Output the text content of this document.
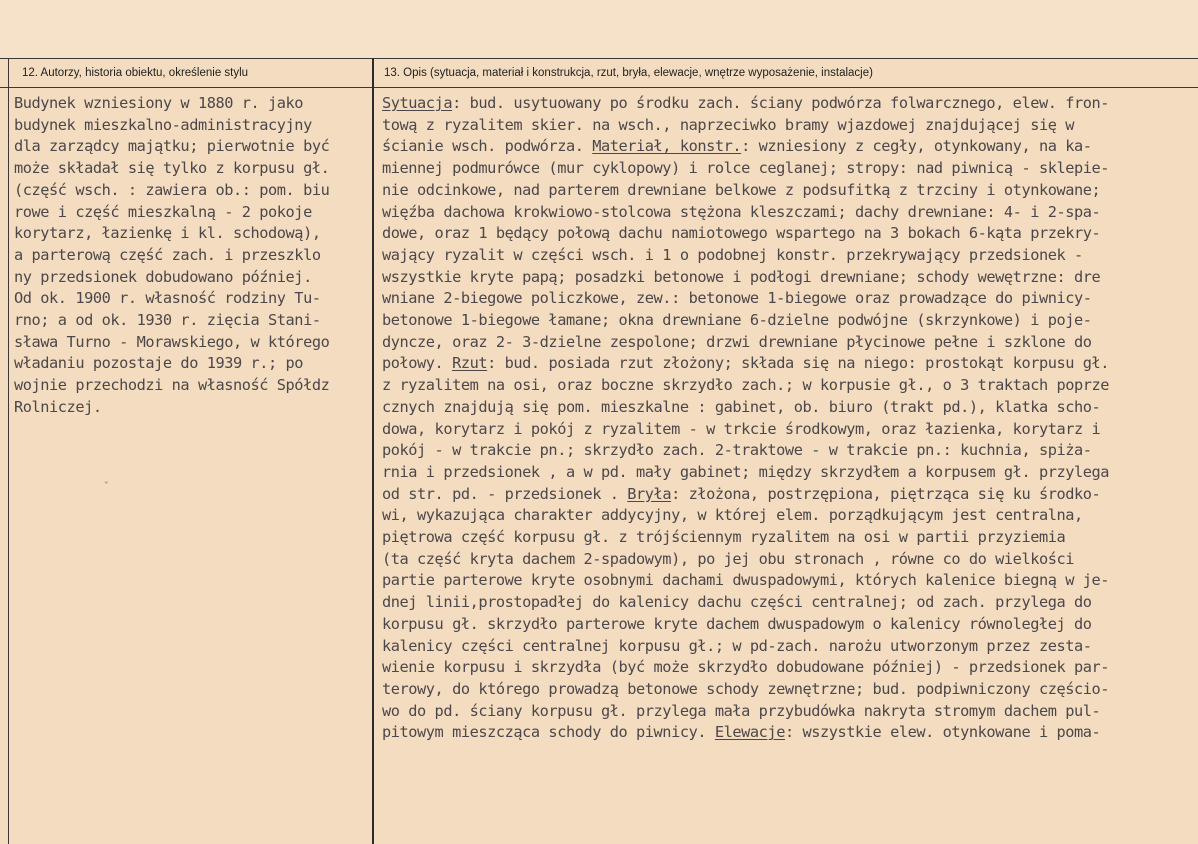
12. Autorzy, historia obiektu, określenie stylu	13. Opis (sytuacja, materiał i konstrukcja, rzut, bryła, elewacje, wnętrze wyposażenie, instalacje)
Budynek wzniesiony w 1880 r. jako
budynek mieszkalno-administracyjny
dla zarządcy majątku; pierwotnie być
może składał się tylko z korpusu gł.
(część wsch. : zawiera ob.: pom. biu
rowe i część mieszkalną - 2 pokoje
korytarz, łazienkę i kl. schodową),
a parterową część zach. i przeszklo
ny przedsionek dobudowano później.
Od ok. 1900 r. własność rodziny Tu-
rno; a od ok. 1930 r. zięcia Stani-
sława Turno - Morawskiego, w którego
władaniu pozostaje do 1939 r.; po
wojnie przechodzi na własność Spółdz
Rolniczej.

Sytuacja: bud. usytuowany po środku zach. ściany podwórza folwarcznego, elew. fron-
tową z ryzalitem skier. na wsch., naprzeciwko bramy wjazdowej znajdującej się w
ścianie wsch. podwórza. Materiał, konstr.: wzniesiony z cegły, otynkowany, na ka-
miennej podmurówce (mur cyklopowy) i rolce ceglanej; stropy: nad piwnicą - sklepie-
nie odcinkowe, nad parterem drewniane belkowe z podsufitką z trzciny i otynkowane;
więźba dachowa krokwiowo-stolcowa stężona kleszczami; dachy drewniane: 4- i 2-spa-
dowe, oraz 1 będący połową dachu namiotowego wspartego na 3 bokach 6-kąta przekry-
wający ryzalit w części wsch. i 1 o podobnej konstr. przekrywający przedsionek -
wszystkie kryte papą; posadzki betonowe i podłogi drewniane; schody wewętrzne: dre
wniane 2-biegowe policzkowe, zew.: betonowe 1-biegowe oraz prowadzące do piwnicy-
betonowe 1-biegowe łamane; okna drewniane 6-dzielne podwójne (skrzynkowe) i poje-
dyncze, oraz 2- 3-dzielne zespolone; drzwi drewniane płycinowe pełne i szklone do
połowy. Rzut: bud. posiada rzut złożony; składa się na niego: prostokąt korpusu gł.
z ryzalitem na osi, oraz boczne skrzydło zach.; w korpusie gł., o 3 traktach poprze
cznych znajdują się pom. mieszkalne : gabinet, ob. biuro (trakt pd.), klatka scho-
dowa, korytarz i pokój z ryzalitem - w trkcie środkowym, oraz łazienka, korytarz i
pokój - w trakcie pn.; skrzydło zach. 2-traktowe - w trakcie pn.: kuchnia, spiża-
rnia i przedsionek , a w pd. mały gabinet; między skrzydłem a korpusem gł. przylega
od str. pd. - przedsionek . Bryła: złożona, postrzępiona, piętrząca się ku środko-
wi, wykazująca charakter addycyjny, w której elem. porządkującym jest centralna,
piętrowa część korpusu gł. z trójściennym ryzalitem na osi w partii przyziemia
(ta część kryta dachem 2-spadowym), po jej obu stronach , równe co do wielkości
partie parterowe kryte osobnymi dachami dwuspadowymi, których kalenice biegną w je-
dnej linii,prostopadłej do kalenicy dachu części centralnej; od zach. przylega do
korpusu gł. skrzydło parterowe kryte dachem dwuspadowym o kalenicy równoległej do
kalenicy części centralnej korpusu gł.; w pd-zach. narożu utworzonym przez zesta-
wienie korpusu i skrzydła (być może skrzydło dobudowane później) - przedsionek par-
terowy, do którego prowadzą betonowe schody zewnętrzne; bud. podpiwniczony częścio-
wo do pd. ściany korpusu gł. przylega mała przybudówka nakryta stromym dachem pul-
pitowym mieszcząca schody do piwnicy. Elewacje: wszystkie elew. otynkowane i poma-

ˇ
